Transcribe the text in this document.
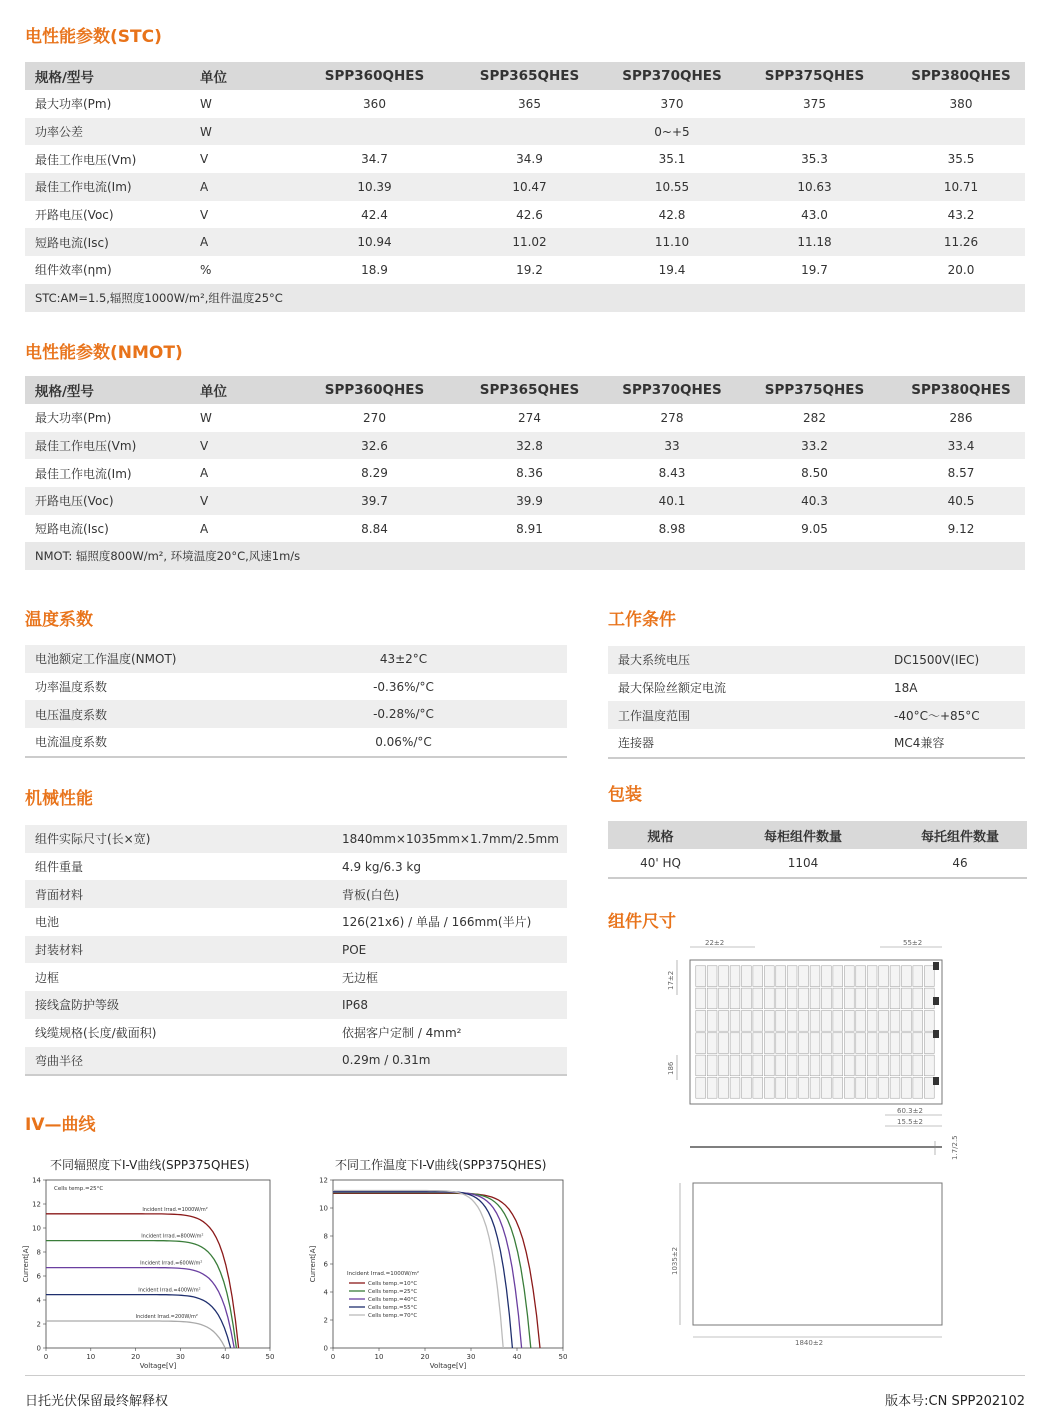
电性能参数(STC)
规格/型号	单位	SPP360QHES	SPP365QHES	SPP370QHES	SPP375QHES	SPP380QHES
最大功率(Pm)	W	360	365	370	375	380
功率公差	W			0~+5		
最佳工作电压(Vm)	V	34.7	34.9	35.1	35.3	35.5
最佳工作电流(Im)	A	10.39	10.47	10.55	10.63	10.71
开路电压(Voc)	V	42.4	42.6	42.8	43.0	43.2
短路电流(Isc)	A	10.94	11.02	11.10	11.18	11.26
组件效率(ηm)	%	18.9	19.2	19.4	19.7	20.0
STC:AM=1.5,辐照度1000W/m²,组件温度25°C						
电性能参数(NMOT)
规格/型号	单位	SPP360QHES	SPP365QHES	SPP370QHES	SPP375QHES	SPP380QHES
最大功率(Pm)	W	270	274	278	282	286
最佳工作电压(Vm)	V	32.6	32.8	33	33.2	33.4
最佳工作电流(Im)	A	8.29	8.36	8.43	8.50	8.57
开路电压(Voc)	V	39.7	39.9	40.1	40.3	40.5
短路电流(Isc)	A	8.84	8.91	8.98	9.05	9.12
NMOT: 辐照度800W/m², 环境温度20°C,风速1m/s						
温度系数
电池额定工作温度(NMOT)	43±2°C
功率温度系数	-0.36%/°C
电压温度系数	-0.28%/°C
电流温度系数	0.06%/°C
工作条件
最大系统电压	DC1500V(IEC)
最大保险丝额定电流	18A
工作温度范围	-40°C～+85°C
连接器	MC4兼容
机械性能
组件实际尺寸(长×宽)	1840mm×1035mm×1.7mm/2.5mm
组件重量	4.9 kg/6.3 kg
背面材料	背板(白色)
电池	126(21x6) / 单晶 / 166mm(半片)
封装材料	POE
边框	无边框
接线盒防护等级	IP68
线缆规格(长度/截面积)	依据客户定制 / 4mm²
弯曲半径	0.29m / 0.31m
包装
规格	每柜组件数量	每托组件数量
40' HQ	1104	46
组件尺寸
22±2	55±2
17±2
186
60.3±2
15.5±2
1.7/2.5
1035±2
1840±2
IV—曲线
不同辐照度下I-V曲线(SPP375QHES)
0	10	20	30	40	50
0
2
4
6
8
10
12
14
Voltage[V]
Current[A]
Cells temp.=25°C
Incident Irrad.=1000W/m²
Incident Irrad.=800W/m²
Incident Irrad.=600W/m²
Incident Irrad.=400W/m²
Incident Irrad.=200W/m²
不同工作温度下I-V曲线(SPP375QHES)
0	10	20	30	40	50
0
2
4
6
8
10
12
Voltage[V]
Current[A]	Incident Irrad.=1000W/m²
Cells temp.=10°C
Cells temp.=25°C
Cells temp.=40°C
Cells temp.=55°C
Cells temp.=70°C
日托光伏保留最终解释权	版本号:CN SPP202102
